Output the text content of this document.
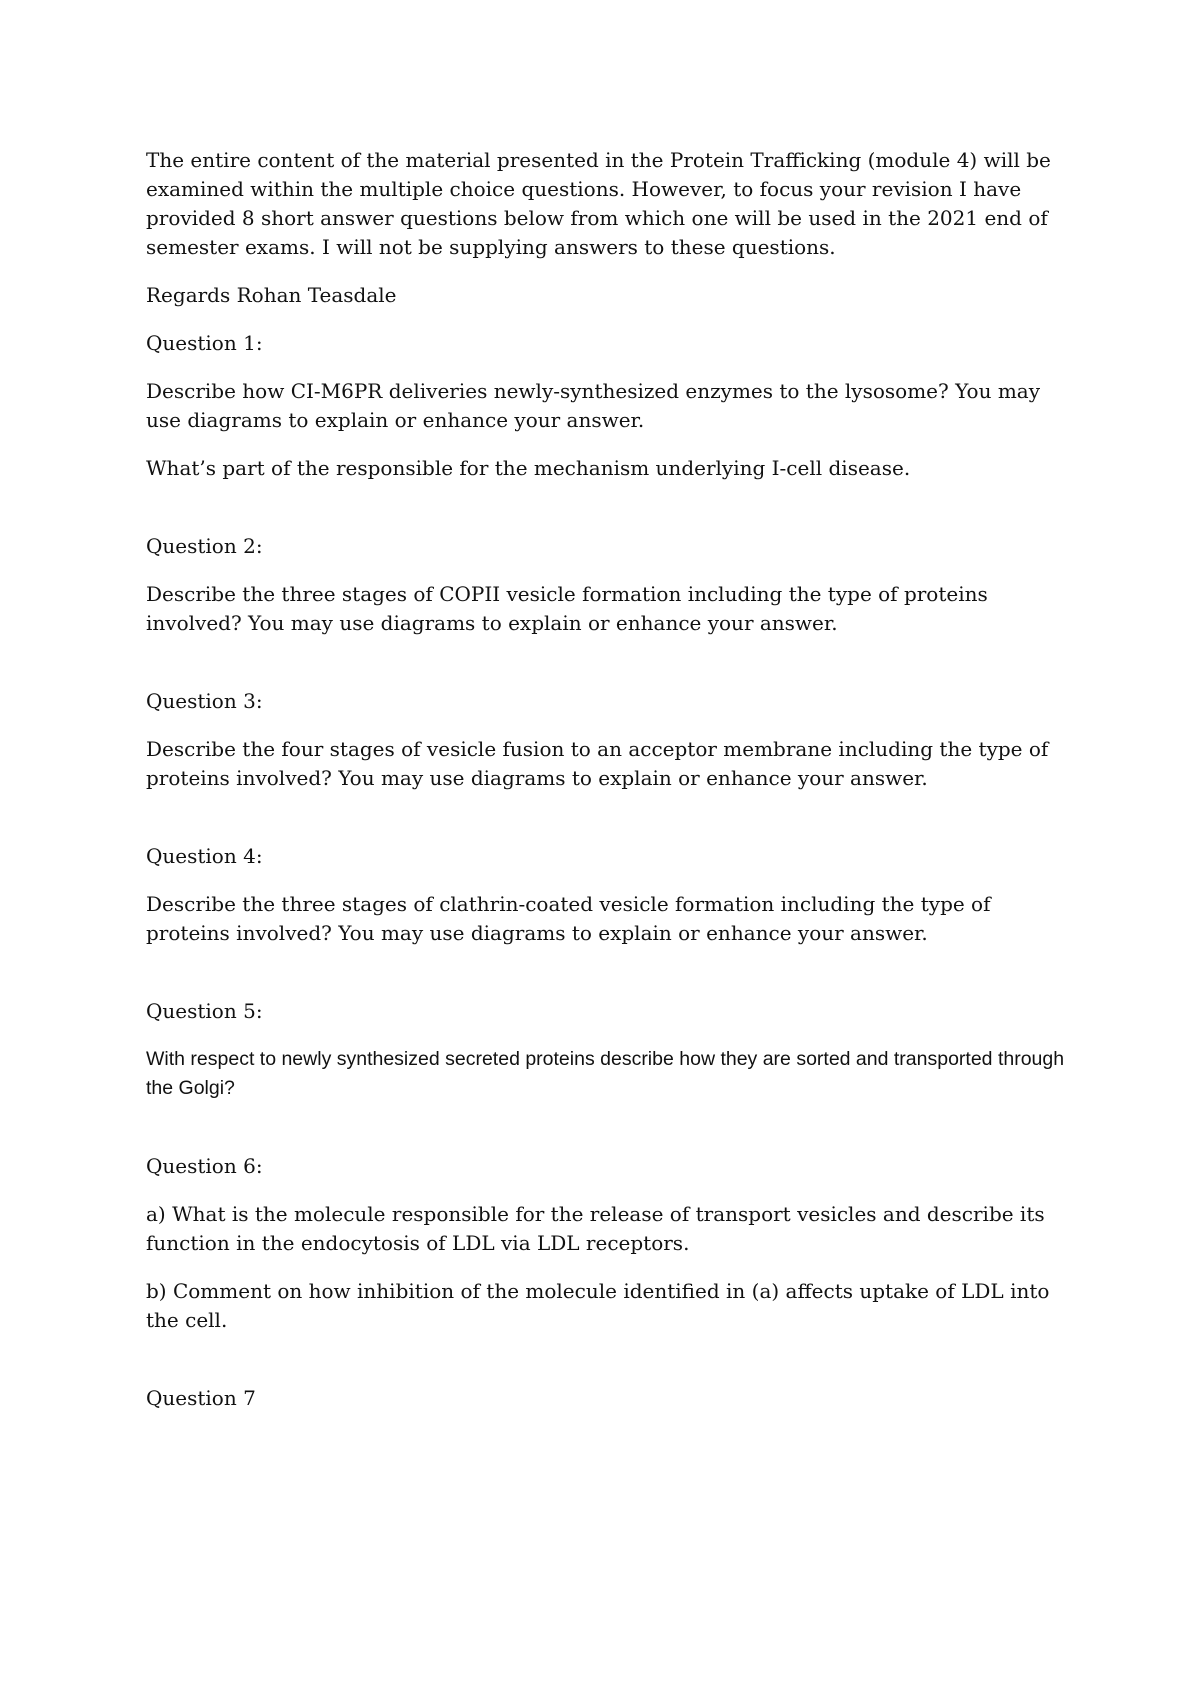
The entire content of the material presented in the Protein Trafficking (module 4) will be examined within the multiple choice questions. However, to focus your revision I have provided 8 short answer questions below from which one will be used in the 2021 end of semester exams. I will not be supplying answers to these questions.

Regards Rohan Teasdale

Question 1:

Describe how CI-M6PR deliveries newly-synthesized enzymes to the lysosome? You may use diagrams to explain or enhance your answer.

What’s part of the responsible for the mechanism underlying I-cell disease.

Question 2:

Describe the three stages of COPII vesicle formation including the type of proteins involved? You may use diagrams to explain or enhance your answer.

Question 3:

Describe the four stages of vesicle fusion to an acceptor membrane including the type of proteins involved? You may use diagrams to explain or enhance your answer.

Question 4:

Describe the three stages of clathrin-coated vesicle formation including the type of proteins involved? You may use diagrams to explain or enhance your answer.

Question 5:

With respect to newly synthesized secreted proteins describe how they are sorted and transported through the Golgi?

Question 6:

a) What is the molecule responsible for the release of transport vesicles and describe its function in the endocytosis of LDL via LDL receptors.

b) Comment on how inhibition of the molecule identified in (a) affects uptake of LDL into the cell.

Question 7
